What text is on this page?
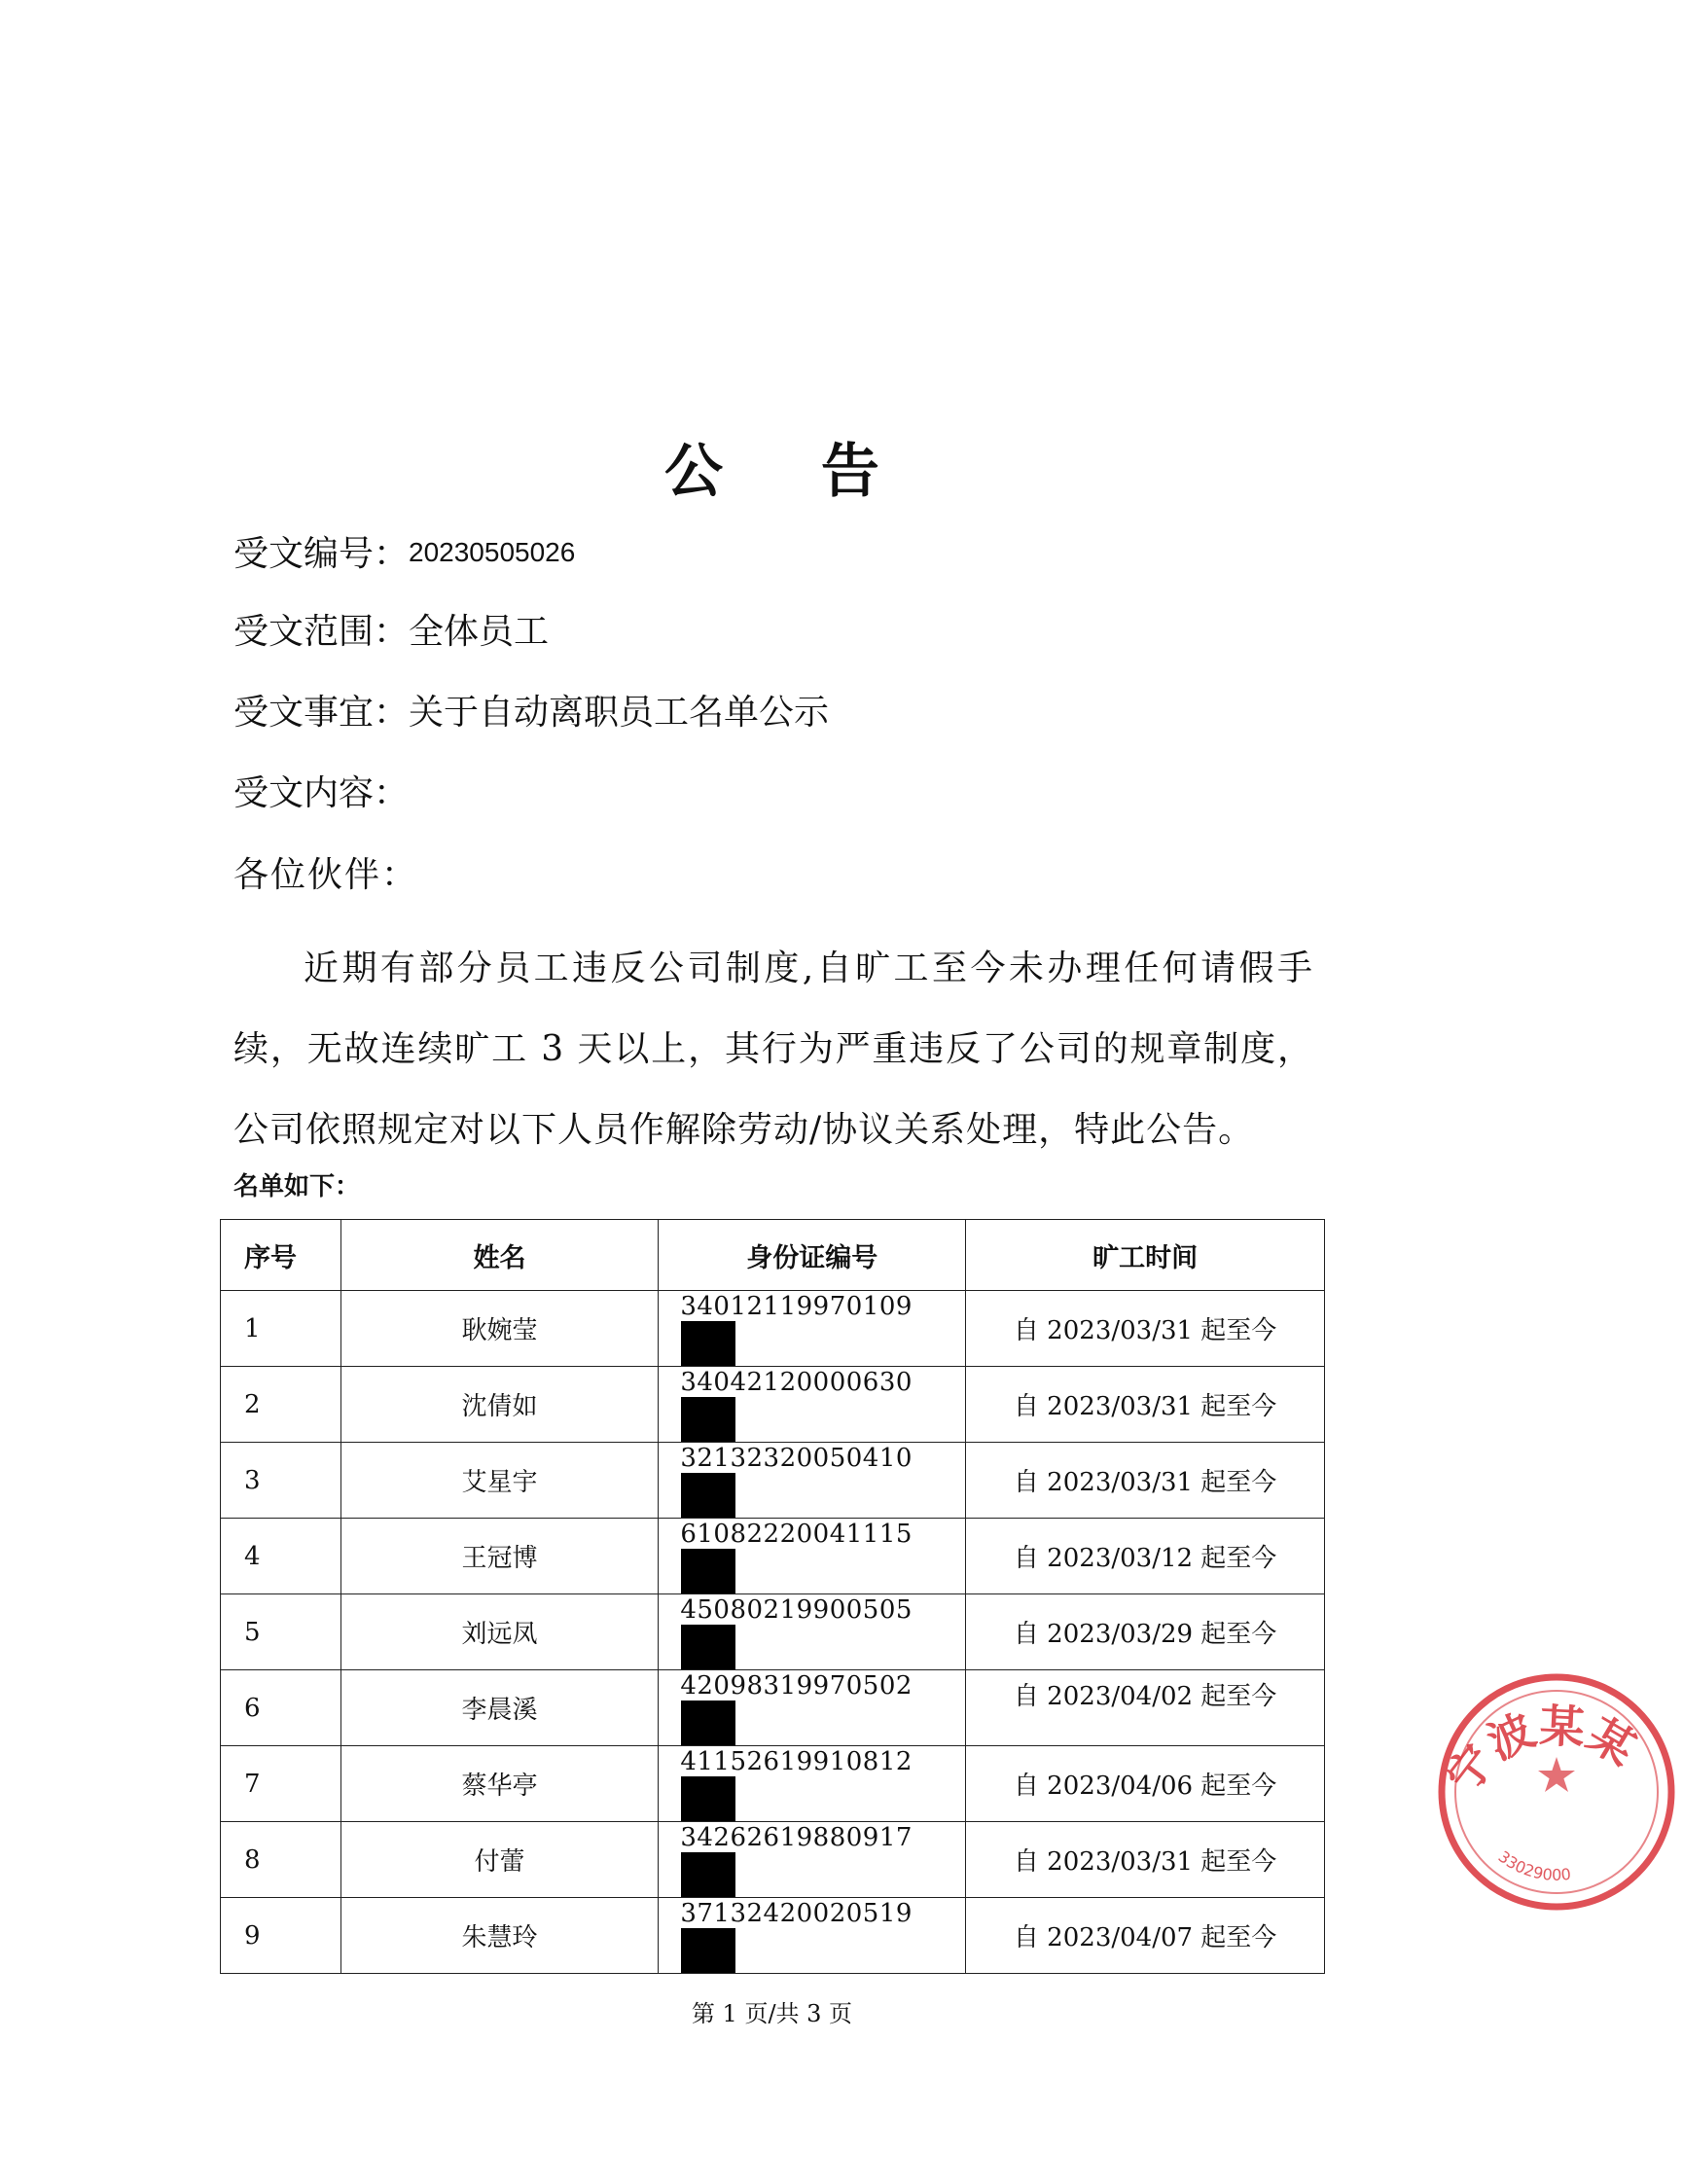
公 告
受文编号：20230505026
受文范围：全体员工
受文事宜：关于自动离职员工名单公示
受文内容：
各位伙伴：

近期有部分员工违反公司制度,自旷工至今未办理任何请假手续，无故连续旷工 3 天以上，其行为严重违反了公司的规章制度，公司依照规定对以下人员作解除劳动/协议关系处理，特此公告。

名单如下：
序号	姓名	身份证编号	旷工时间
1	耿婉莹	34012119970109	自 2023/03/31 起至今
2	沈倩如	34042120000630	自 2023/03/31 起至今
3	艾星宇	32132320050410	自 2023/03/31 起至今
4	王冠博	61082220041115	自 2023/03/12 起至今
5	刘远凤	45080219900505	自 2023/03/29 起至今
6	李晨溪	42098319970502	自 2023/04/02 起至今
7	蔡华亭	41152619910812	自 2023/04/06 起至今
8	付蕾	34262619880917	自 2023/03/31 起至今
9	朱慧玲	37132420020519	自 2023/04/07 起至今
第 1 页/共 3 页
宁波某某
33029000
